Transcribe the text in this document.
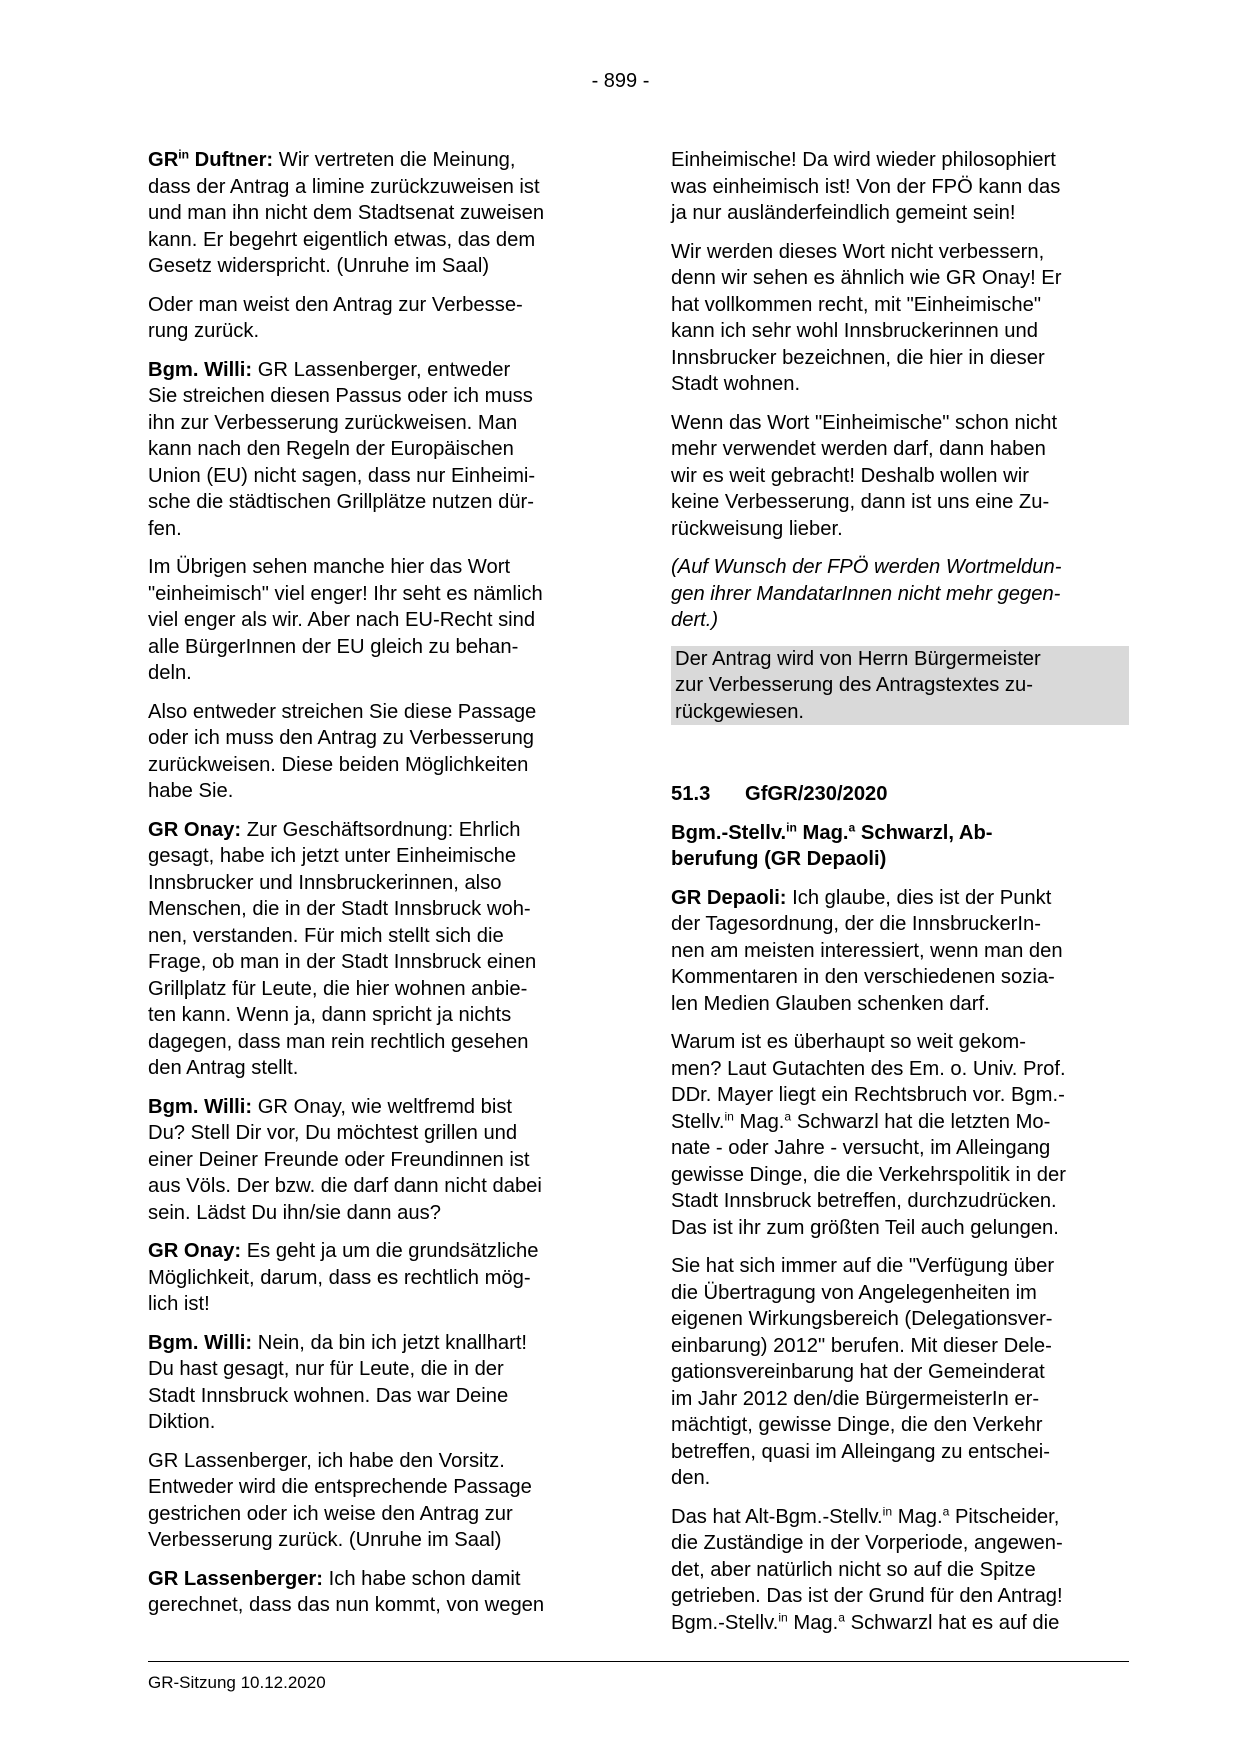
- 899 -

$GR^{in}$ Duftner: Wir vertreten die Meinung,
dass der Antrag a limine zurückzuweisen ist
und man ihn nicht dem Stadtsenat zuweisen
kann. Er begehrt eigentlich etwas, das dem
Gesetz widerspricht. (Unruhe im Saal)

Oder man weist den Antrag zur Verbesse-
rung zurück.

Bgm. Willi: GR Lassenberger, entweder
Sie streichen diesen Passus oder ich muss
ihn zur Verbesserung zurückweisen. Man
kann nach den Regeln der Europäischen
Union (EU) nicht sagen, dass nur Einheimi-
sche die städtischen Grillplätze nutzen dür-
fen.

Im Übrigen sehen manche hier das Wort
"einheimisch" viel enger! Ihr seht es nämlich
viel enger als wir. Aber nach EU-Recht sind
alle BürgerInnen der EU gleich zu behan-
deln.

Also entweder streichen Sie diese Passage
oder ich muss den Antrag zu Verbesserung
zurückweisen. Diese beiden Möglichkeiten
habe Sie.

GR Onay: Zur Geschäftsordnung: Ehrlich
gesagt, habe ich jetzt unter Einheimische
Innsbrucker und Innsbruckerinnen, also
Menschen, die in der Stadt Innsbruck woh-
nen, verstanden. Für mich stellt sich die
Frage, ob man in der Stadt Innsbruck einen
Grillplatz für Leute, die hier wohnen anbie-
ten kann. Wenn ja, dann spricht ja nichts
dagegen, dass man rein rechtlich gesehen
den Antrag stellt.

Bgm. Willi: GR Onay, wie weltfremd bist
Du? Stell Dir vor, Du möchtest grillen und
einer Deiner Freunde oder Freundinnen ist
aus Völs. Der bzw. die darf dann nicht dabei
sein. Lädst Du ihn/sie dann aus?

GR Onay: Es geht ja um die grundsätzliche
Möglichkeit, darum, dass es rechtlich mög-
lich ist!

Bgm. Willi: Nein, da bin ich jetzt knallhart!
Du hast gesagt, nur für Leute, die in der
Stadt Innsbruck wohnen. Das war Deine
Diktion.

GR Lassenberger, ich habe den Vorsitz.
Entweder wird die entsprechende Passage
gestrichen oder ich weise den Antrag zur
Verbesserung zurück. (Unruhe im Saal)

GR Lassenberger: Ich habe schon damit
gerechnet, dass das nun kommt, von wegen

Einheimische! Da wird wieder philosophiert
was einheimisch ist! Von der FPÖ kann das
ja nur ausländerfeindlich gemeint sein!

Wir werden dieses Wort nicht verbessern,
denn wir sehen es ähnlich wie GR Onay! Er
hat vollkommen recht, mit "Einheimische"
kann ich sehr wohl Innsbruckerinnen und
Innsbrucker bezeichnen, die hier in dieser
Stadt wohnen.

Wenn das Wort "Einheimische" schon nicht
mehr verwendet werden darf, dann haben
wir es weit gebracht! Deshalb wollen wir
keine Verbesserung, dann ist uns eine Zu-
rückweisung lieber.

(Auf Wunsch der FPÖ werden Wortmeldun-
gen ihrer MandatarInnen nicht mehr gegen-
dert.)

Der Antrag wird von Herrn Bürgermeister
zur Verbesserung des Antragstextes zu-
rückgewiesen.

51.3	GfGR/230/2020

Bgm.-Stellv.$^{in}$ Mag.$^a$ Schwarzl, Ab-
berufung (GR Depaoli)

GR Depaoli: Ich glaube, dies ist der Punkt
der Tagesordnung, der die InnsbruckerIn-
nen am meisten interessiert, wenn man den
Kommentaren in den verschiedenen sozia-
len Medien Glauben schenken darf.

Warum ist es überhaupt so weit gekom-
men? Laut Gutachten des Em. o. Univ. Prof.
DDr. Mayer liegt ein Rechtsbruch vor. Bgm.-
Stellv.$^{in}$ Mag.$^a$ Schwarzl hat die letzten Mo-
nate - oder Jahre - versucht, im Alleingang
gewisse Dinge, die die Verkehrspolitik in der
Stadt Innsbruck betreffen, durchzudrücken.
Das ist ihr zum größten Teil auch gelungen.

Sie hat sich immer auf die "Verfügung über
die Übertragung von Angelegenheiten im
eigenen Wirkungsbereich (Delegationsver-
einbarung) 2012" berufen. Mit dieser Dele-
gationsvereinbarung hat der Gemeinderat
im Jahr 2012 den/die BürgermeisterIn er-
mächtigt, gewisse Dinge, die den Verkehr
betreffen, quasi im Alleingang zu entschei-
den.

Das hat Alt-Bgm.-Stellv.$^{in}$ Mag.$^a$ Pitscheider,
die Zuständige in der Vorperiode, angewen-
det, aber natürlich nicht so auf die Spitze
getrieben. Das ist der Grund für den Antrag!
Bgm.-Stellv.$^{in}$ Mag.$^a$ Schwarzl hat es auf die

GR-Sitzung 10.12.2020
